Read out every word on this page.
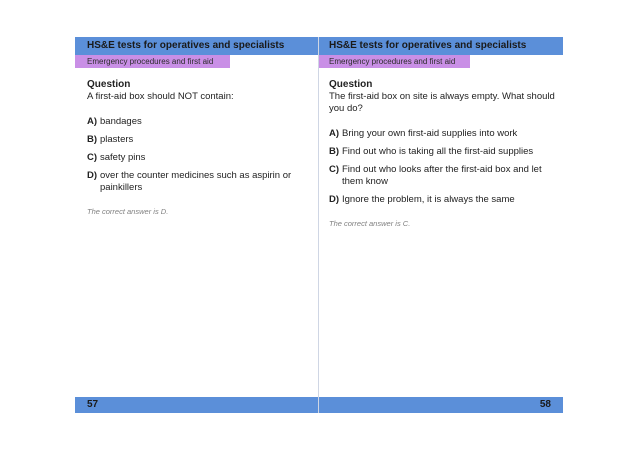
HS&E tests for operatives and specialists
Emergency procedures and first aid
Question
A first-aid box should NOT contain:
A) bandages
B) plasters
C) safety pins
D) over the counter medicines such as aspirin or painkillers
The correct answer is D.
57
HS&E tests for operatives and specialists
Emergency procedures and first aid
Question
The first-aid box on site is always empty. What should you do?
A) Bring your own first-aid supplies into work
B) Find out who is taking all the first-aid supplies
C) Find out who looks after the first-aid box and let them know
D) Ignore the problem, it is always the same
The correct answer is C.
58
